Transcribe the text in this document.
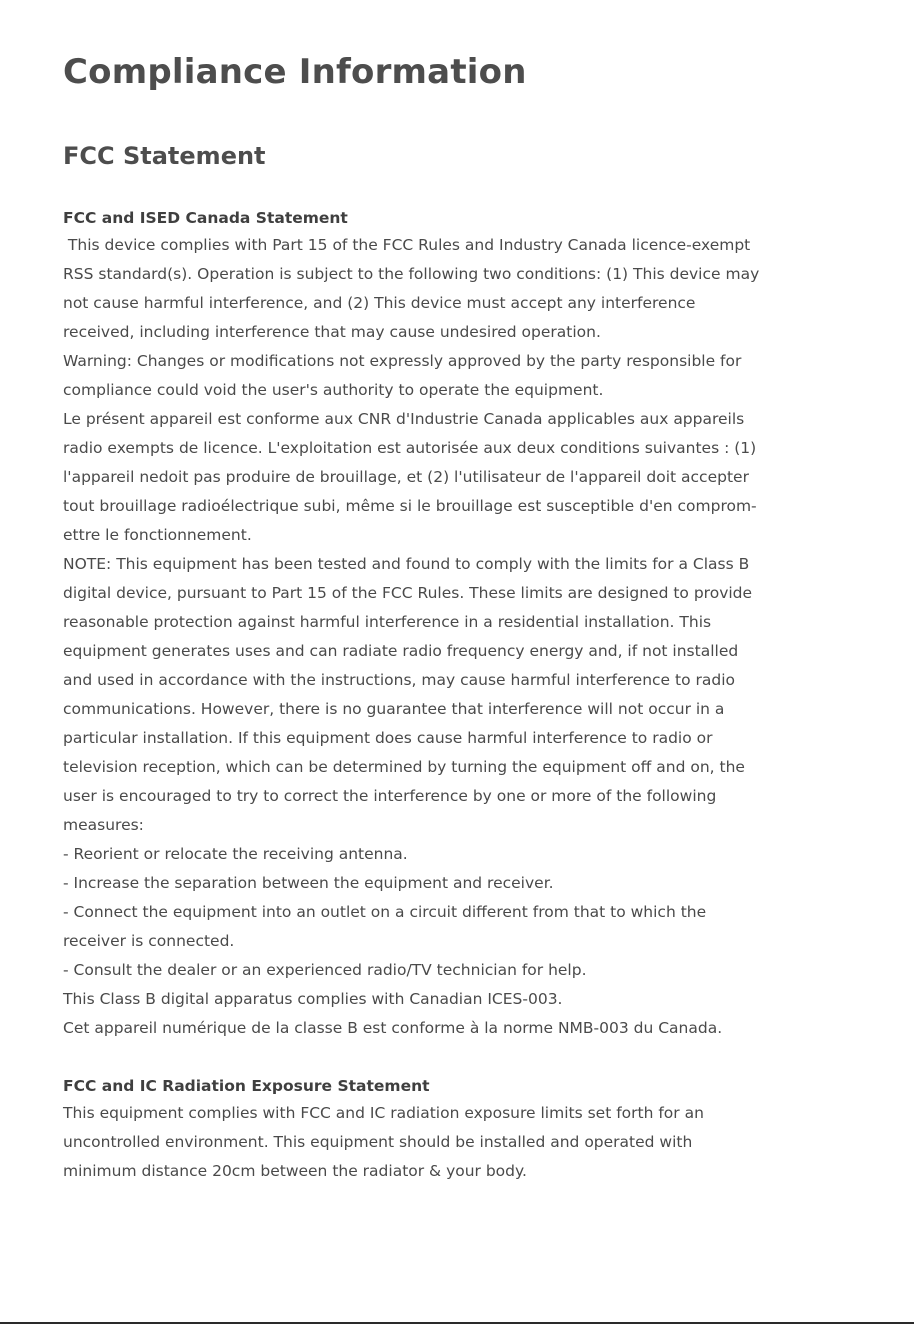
Compliance Information
FCC Statement
FCC and ISED Canada Statement

This device complies with Part 15 of the FCC Rules and Industry Canada licence-exempt

RSS standard(s). Operation is subject to the following two conditions: (1) This device may

not cause harmful interference, and (2) This device must accept any interference

received, including interference that may cause undesired operation.

Warning: Changes or modifications not expressly approved by the party responsible for

compliance could void the user's authority to operate the equipment.

Le présent appareil est conforme aux CNR d'Industrie Canada applicables aux appareils

radio exempts de licence. L'exploitation est autorisée aux deux conditions suivantes : (1)

l'appareil nedoit pas produire de brouillage, et (2) l'utilisateur de l'appareil doit accepter

tout brouillage radioélectrique subi, même si le brouillage est susceptible d'en comprom-

ettre le fonctionnement.

NOTE: This equipment has been tested and found to comply with the limits for a Class B

digital device, pursuant to Part 15 of the FCC Rules. These limits are designed to provide

reasonable protection against harmful interference in a residential installation. This

equipment generates uses and can radiate radio frequency energy and, if not installed

and used in accordance with the instructions, may cause harmful interference to radio

communications. However, there is no guarantee that interference will not occur in a

particular installation. If this equipment does cause harmful interference to radio or

television reception, which can be determined by turning the equipment off and on, the

user is encouraged to try to correct the interference by one or more of the following

measures:

- Reorient or relocate the receiving antenna.

- Increase the separation between the equipment and receiver.

- Connect the equipment into an outlet on a circuit different from that to which the

receiver is connected.

- Consult the dealer or an experienced radio/TV technician for help.

This Class B digital apparatus complies with Canadian ICES-003.

Cet appareil numérique de la classe B est conforme à la norme NMB-003 du Canada.

FCC and IC Radiation Exposure Statement

This equipment complies with FCC and IC radiation exposure limits set forth for an

uncontrolled environment. This equipment should be installed and operated with

minimum distance 20cm between the radiator & your body.
